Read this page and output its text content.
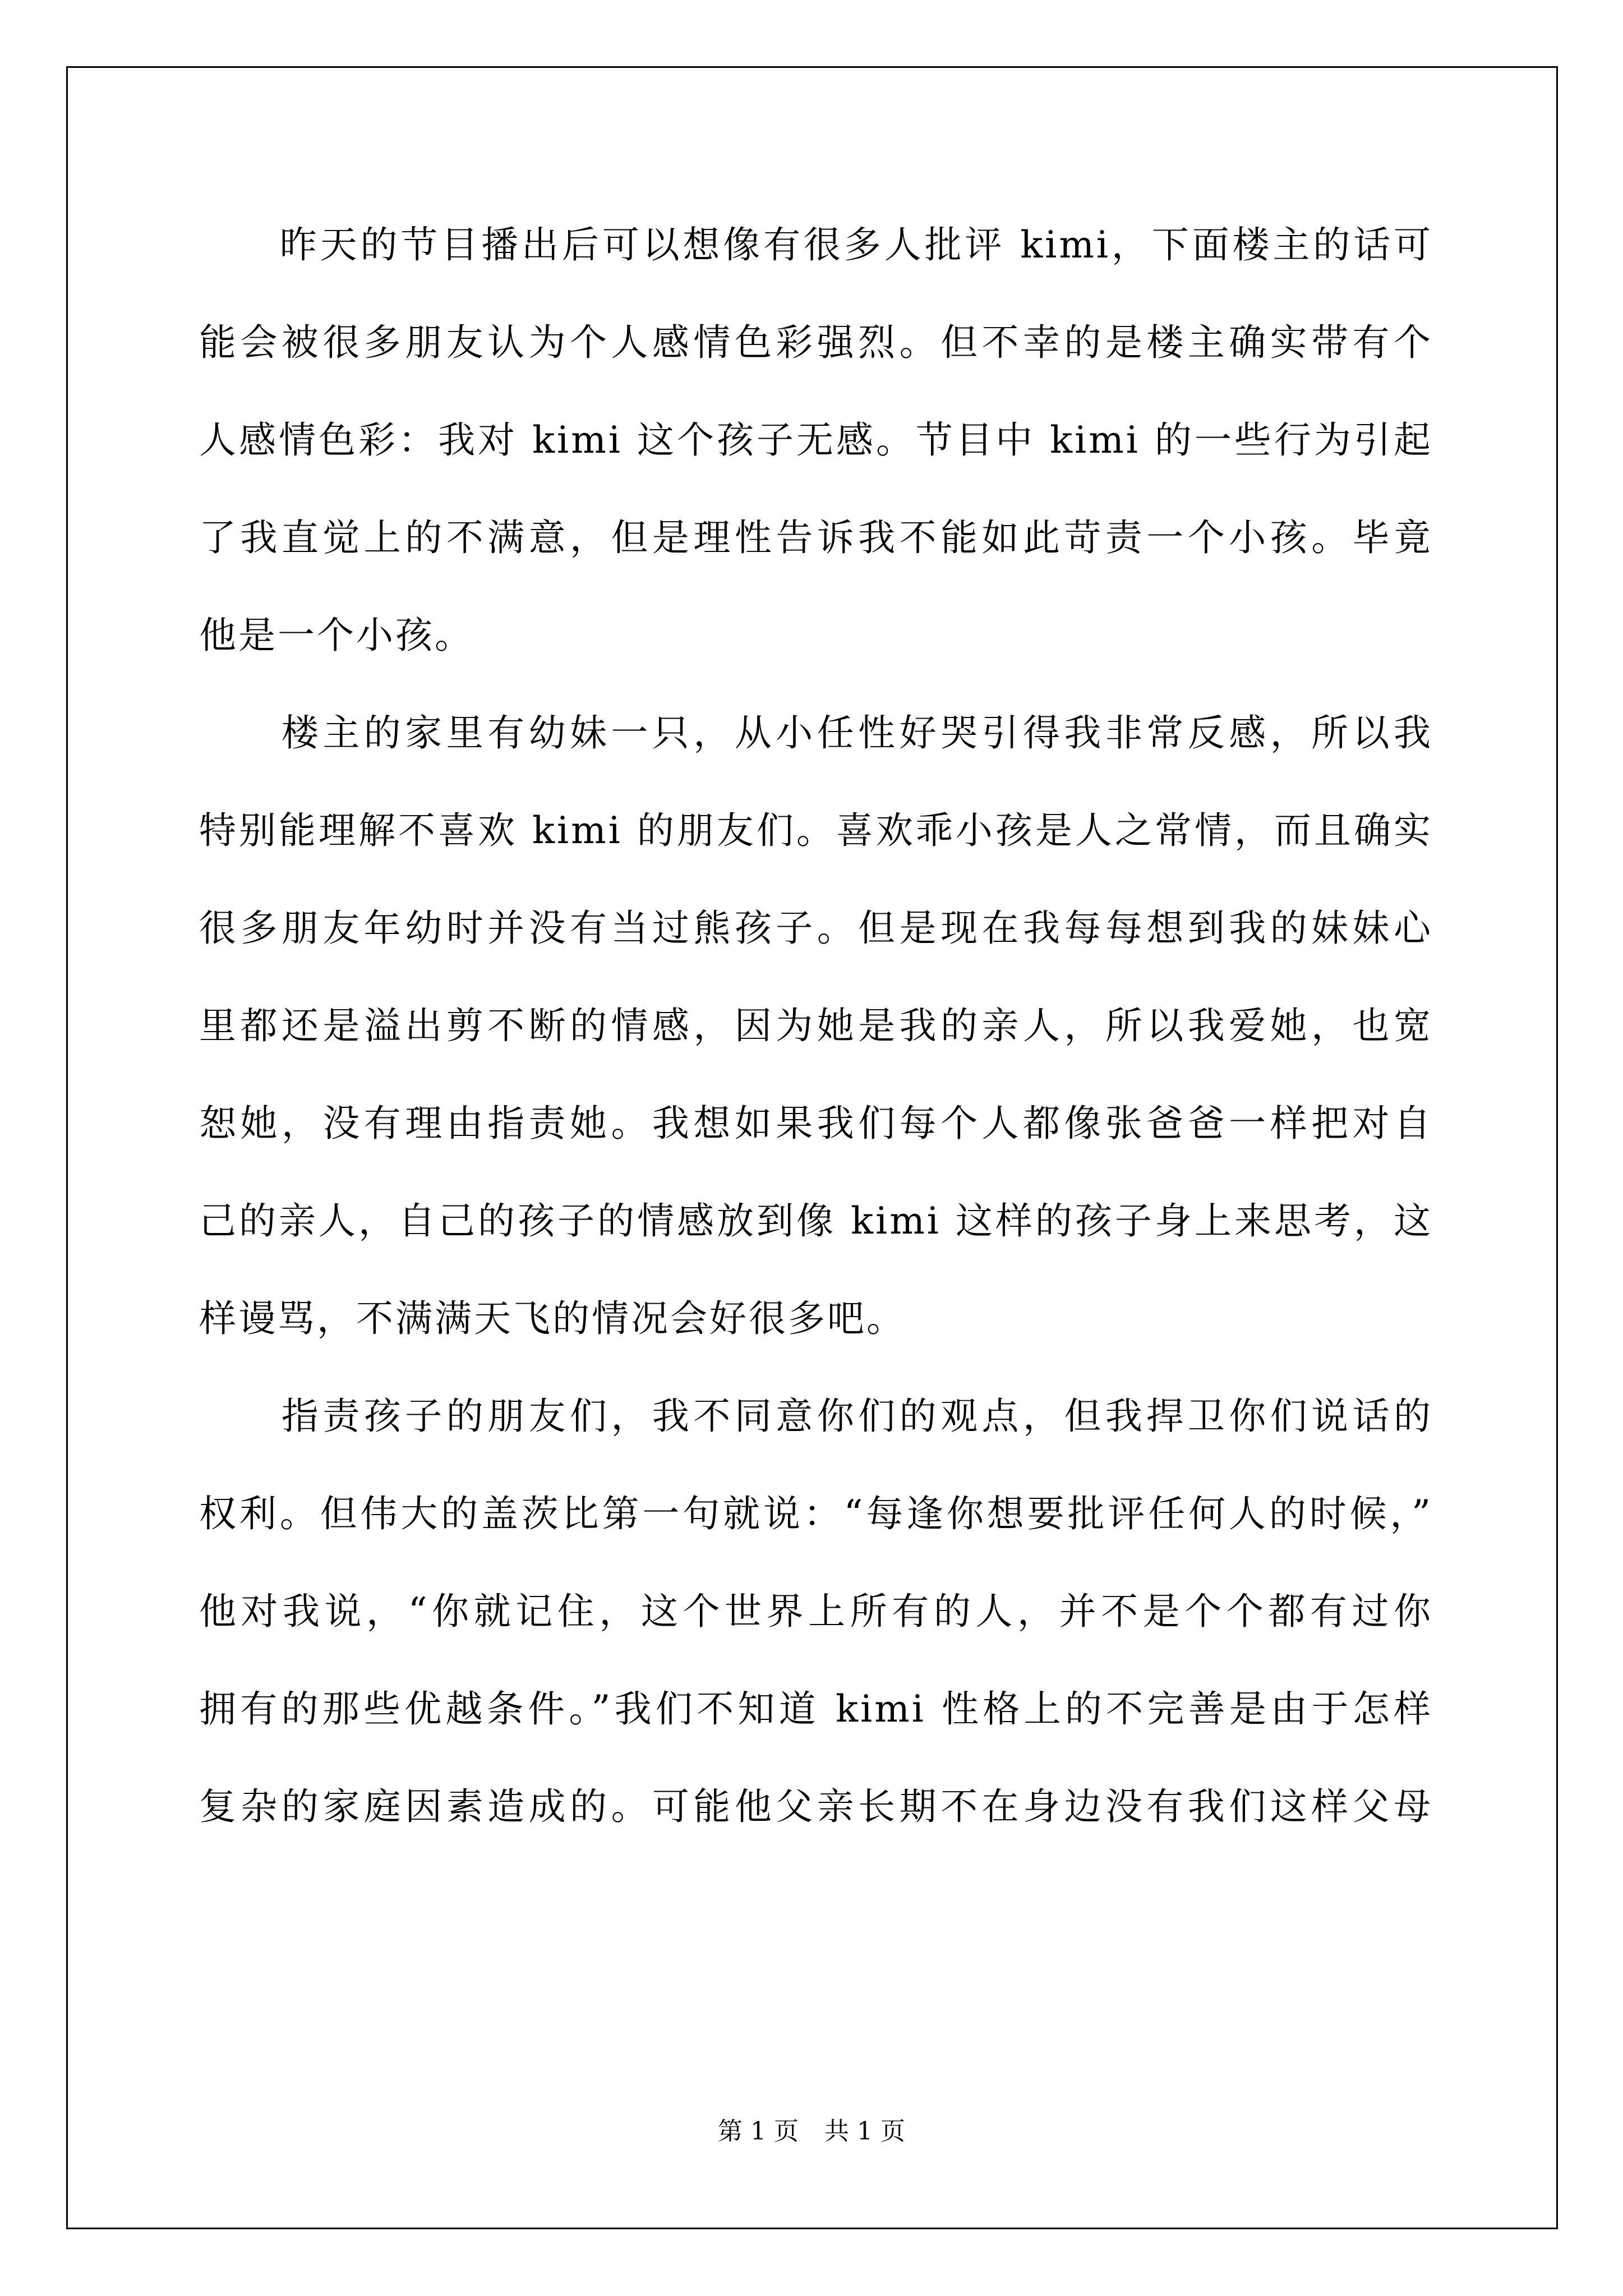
　　昨天的节目播出后可以想像有很多人批评 kimi，下面楼主的话可
能会被很多朋友认为个人感情色彩强烈。但不幸的是楼主确实带有个
人感情色彩：我对 kimi 这个孩子无感。节目中 kimi 的一些行为引起
了我直觉上的不满意，但是理性告诉我不能如此苛责一个小孩。毕竟
他是一个小孩。
　　楼主的家里有幼妹一只，从小任性好哭引得我非常反感，所以我
特别能理解不喜欢 kimi 的朋友们。喜欢乖小孩是人之常情，而且确实
很多朋友年幼时并没有当过熊孩子。但是现在我每每想到我的妹妹心
里都还是溢出剪不断的情感，因为她是我的亲人，所以我爱她，也宽
恕她，没有理由指责她。我想如果我们每个人都像张爸爸一样把对自
己的亲人，自己的孩子的情感放到像 kimi 这样的孩子身上来思考，这
样谩骂，不满满天飞的情况会好很多吧。
　　指责孩子的朋友们，我不同意你们的观点，但我捍卫你们说话的
权利。但伟大的盖茨比第一句就说：“每逢你想要批评任何人的时候，”
他对我说，“你就记住，这个世界上所有的人，并不是个个都有过你
拥有的那些优越条件。”我们不知道 kimi 性格上的不完善是由于怎样
复杂的家庭因素造成的。可能他父亲长期不在身边没有我们这样父母
第 1 页 共 1 页
